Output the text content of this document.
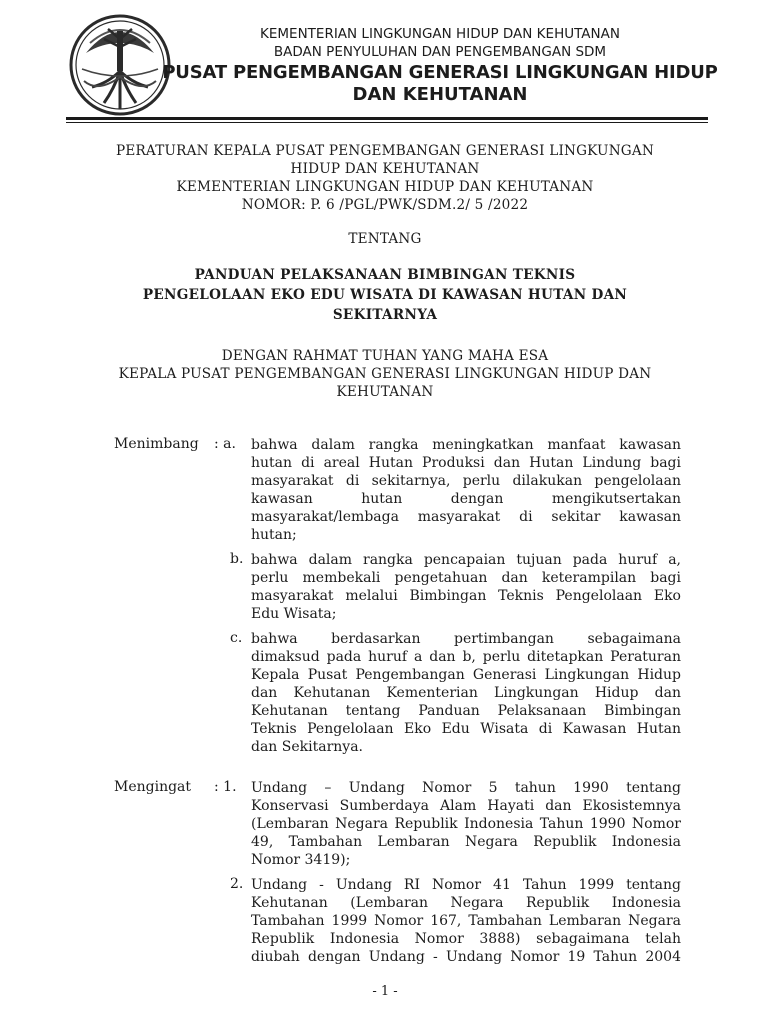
KEMENTERIAN LINGKUNGAN HIDUP DAN KEHUTANAN
BADAN PENYULUHAN DAN PENGEMBANGAN SDM
PUSAT PENGEMBANGAN GENERASI LINGKUNGAN HIDUP
DAN KEHUTANAN
PERATURAN KEPALA PUSAT PENGEMBANGAN GENERASI LINGKUNGAN
HIDUP DAN KEHUTANAN
KEMENTERIAN LINGKUNGAN HIDUP DAN KEHUTANAN
NOMOR: P. 6 /PGL/PWK/SDM.2/ 5 /2022
TENTANG
PANDUAN PELAKSANAAN BIMBINGAN TEKNIS
PENGELOLAAN EKO EDU WISATA DI KAWASAN HUTAN DAN
SEKITARNYA
DENGAN RAHMAT TUHAN YANG MAHA ESA
KEPALA PUSAT PENGEMBANGAN GENERASI LINGKUNGAN HIDUP DAN
KEHUTANAN
Menimbang : a. bahwa dalam rangka meningkatkan manfaat kawasan
hutan di areal Hutan Produksi dan Hutan Lindung bagi
masyarakat di sekitarnya, perlu dilakukan pengelolaan
kawasan hutan dengan mengikutsertakan
masyarakat/lembaga masyarakat di sekitar kawasan
hutan;
b. bahwa dalam rangka pencapaian tujuan pada huruf a,
perlu membekali pengetahuan dan keterampilan bagi
masyarakat melalui Bimbingan Teknis Pengelolaan Eko
Edu Wisata;
c. bahwa berdasarkan pertimbangan sebagaimana
dimaksud pada huruf a dan b, perlu ditetapkan Peraturan
Kepala Pusat Pengembangan Generasi Lingkungan Hidup
dan Kehutanan Kementerian Lingkungan Hidup dan
Kehutanan tentang Panduan Pelaksanaan Bimbingan
Teknis Pengelolaan Eko Edu Wisata di Kawasan Hutan
dan Sekitarnya.
Mengingat : 1. Undang – Undang Nomor 5 tahun 1990 tentang
Konservasi Sumberdaya Alam Hayati dan Ekosistemnya
(Lembaran Negara Republik Indonesia Tahun 1990 Nomor
49, Tambahan Lembaran Negara Republik Indonesia
Nomor 3419);
2. Undang - Undang RI Nomor 41 Tahun 1999 tentang
Kehutanan (Lembaran Negara Republik Indonesia
Tambahan 1999 Nomor 167, Tambahan Lembaran Negara
Republik Indonesia Nomor 3888) sebagaimana telah
diubah dengan Undang - Undang Nomor 19 Tahun 2004
- 1 -
